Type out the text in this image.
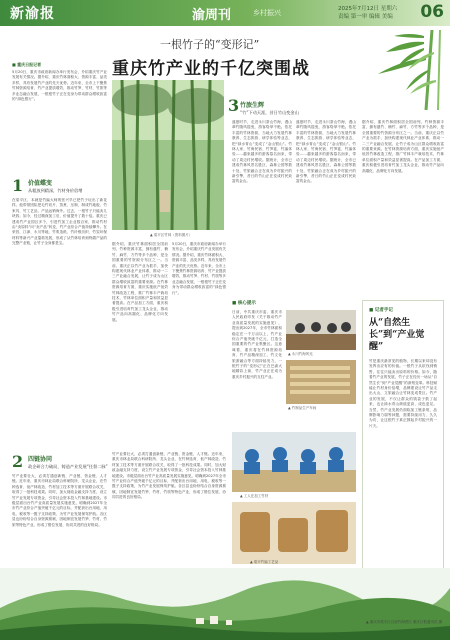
新渝报	渝周刊	乡村振兴	2025年7月12日 星期六
责编 第一审 编辑 美编 06
一根竹子的“变形记”
重庆竹产业的千亿突围战
■ 重庆日报记者
5月20日，重庆市政府新闻办举行发布会，介绍重庆竹产业发展有关情况。据介绍，重庆竹林面积大、资源丰富、品类多样，具有发展竹产业的先天优势。近年来，全市上下聚焦竹林资源培育、竹产业提质增效，推动竹笋、竹材、竹旅等多业态融合发展，一根根竹子正在变身为带动群众增收致富的“绿色银行”。
▲ 梁平区竹林（资料图片）
3 竹旅生辉
“竹”下动天涯，昔日竹山变金山
盛夏时节，走进永川茶山竹海，漫山翠竹随风摇曳，游客络绎不绝。依托丰富的竹林资源，当地大力发展竹林康养、生态旅游、研学体验等业态，把“绿水青山”变成了“金山银山”。竹林人家、竹海民宿、竹笋宴、竹编体验……越来越多的游客慕名而来，带动了周边村民增收。据统计，全市已建成竹林风景名胜区、森林公园等数十处，竹旅融合正在成为乡村振兴的新引擎，昔日的竹山正在变成村民致富的金山。
盛夏时节，走进永川茶山竹海，漫山翠竹随风摇曳，游客络绎不绝。依托丰富的竹林资源，当地大力发展竹林康养、生态旅游、研学体验等业态，把“绿水青山”变成了“金山银山”。竹林人家、竹海民宿、竹笋宴、竹编体验……越来越多的游客慕名而来，带动了周边村民增收。据统计，全市已建成竹林风景名胜区、森林公园等数十处，竹旅融合正在成为乡村振兴的新引擎，昔日的竹山正在变成村民致富的金山。
据介绍，重庆竹林面积居全国前列，竹种资源丰富，拥有慈竹、楠竹、麻竹、方竹等多个品种，是全国重要的竹资源分布区之一。当前，重庆正以竹产业为抓手，加快构建现代林业产业体系，推动一二三产业融合发展，让竹子成为山区群众增收致富的重要来源。在竹林资源培育方面，重庆实施低产低效竹林改造工程，推广竹林丰产栽培技术，竹林单位面积产量和效益显著提高。在产品加工方面，重庆积极引进培育竹加工龙头企业，推动竹产品向高端化、品牌化方向发展。
1 价值蝶变
从粗放到精深，竹材身价倍增
在梁平区，本就是竹编大师的张兴早已把竹子玩出了新花样。他带领团队把毛竹切片、蒸煮、压制，制成竹地板、竹家具、竹工艺品，产品远销海外。过去，一根竹子只能卖几块钱；如今，经过精深加工后，价值提升了数十倍。重庆已建成竹产业园区多个，引进竹加工企业数百家，推动竹材由“卖原料”向“卖产品”转变，竹产业综合产值持续攀升。在荣昌、江津、永川等地，竹浆造纸、竹纤维纺织、竹炭环保材料等新兴产业蓬勃发展，形成了从竹林培育到终端产品的完整产业链，让竹子全身都是宝。	据介绍，重庆竹林面积居全国前列，竹种资源丰富，拥有慈竹、楠竹、麻竹、方竹等多个品种，是全国重要的竹资源分布区之一。当前，重庆正以竹产业为抓手，加快构建现代林业产业体系，推动一二三产业融合发展，让竹子成为山区群众增收致富的重要来源。在竹林资源培育方面，重庆实施低产低效竹林改造工程，推广竹林丰产栽培技术，竹林单位面积产量和效益显著提高。在产品加工方面，重庆积极引进培育竹加工龙头企业，推动竹产品向高端化、品牌化方向发展。
5月20日，重庆市政府新闻办举行发布会，介绍重庆竹产业发展有关情况。据介绍，重庆竹林面积大、资源丰富、品类多样，具有发展竹产业的先天优势。近年来，全市上下聚焦竹林资源培育、竹产业提质增效，推动竹笋、竹材、竹旅等多业态融合发展，一根根竹子正在变身为带动群众增收致富的“绿色银行”。
■ 核心提示
日前，中共重庆市委、重庆市人民政府印发《关于推动竹产业高质量发展的实施意见》，提出到2027年，全市竹林面积稳定在一千万亩以上，竹产业综合产值突破千亿元，打造全国重要的竹产业集聚区。这意味着，重庆将在竹林资源培育、竹产品精深加工、竹文化旅游融合等方面持续发力，一根竹子的“变形记”正在巴渝大地精彩上演，竹产业正在成为重庆乡村振兴的支柱产业。
▲ 永川竹海风光
▲ 竹制品生产车间
▲ 工人在加工竹材
▲ 梁平竹编工艺品
2 四链协同
政企研合力破局，铸造产业发展“任督二脉”
竹产业要壮大，必须打通创新链、产业链、资金链、人才链。近年来，重庆市林业局联合科研院所、龙头企业，在竹种选育、低产林改造、竹材加工技术等方面开展联合攻关，取得了一批科技成果。同时，加大财政金融支持力度，设立竹产业发展专项资金，引导社会资本投入竹林基地建设。市级层面出台竹产业高质量发展实施意见，明确到2027年全市竹产业综合产值突破千亿元的目标，并配套出台用地、用电、税收等一揽子支持政策，为竹产业发展保驾护航。各区县也纷纷结合自身资源禀赋，因地制宜发展竹笋、竹材、竹旅等特色产业，形成了错位发展、协同共进的良好格局。
竹产业要壮大，必须打通创新链、产业链、资金链、人才链。近年来，重庆市林业局联合科研院所、龙头企业，在竹种选育、低产林改造、竹材加工技术等方面开展联合攻关，取得了一批科技成果。同时，加大财政金融支持力度，设立竹产业发展专项资金，引导社会资本投入竹林基地建设。市级层面出台竹产业高质量发展实施意见，明确到2027年全市竹产业综合产值突破千亿元的目标，并配套出台用地、用电、税收等一揽子支持政策，为竹产业发展保驾护航。各区县也纷纷结合自身资源禀赋，因地制宜发展竹笋、竹材、竹旅等特色产业，形成了错位发展、协同共进的良好格局。
■ 记者手记
从“自然生长”到“产业觉醒”
竹是重庆最常见的植物，长期以来却没有发挥出应有的价值。一根竹子从砍伐到销售，往往只能卖出原料的价格。如今，随着竹产业的发展，竹子正在经历一场从“自然生长”到“产业觉醒”的深刻变革。科技赋能让竹材身价倍增，品牌建设让竹产品走出大山，文旅融合让竹林变成景区。竹产业的发展，不仅让群众的钱袋子鼓了起来，也让绿水青山颜值更高、成色更足。当然，竹产业发展仍面临加工链条短、品牌影响力弱等问题，需要持续用力、久久为功，让这根竹子真正撑起乡村振兴的一片天。
▲ 重庆市梁平区百里竹海景区 重庆日报通讯员 摄
